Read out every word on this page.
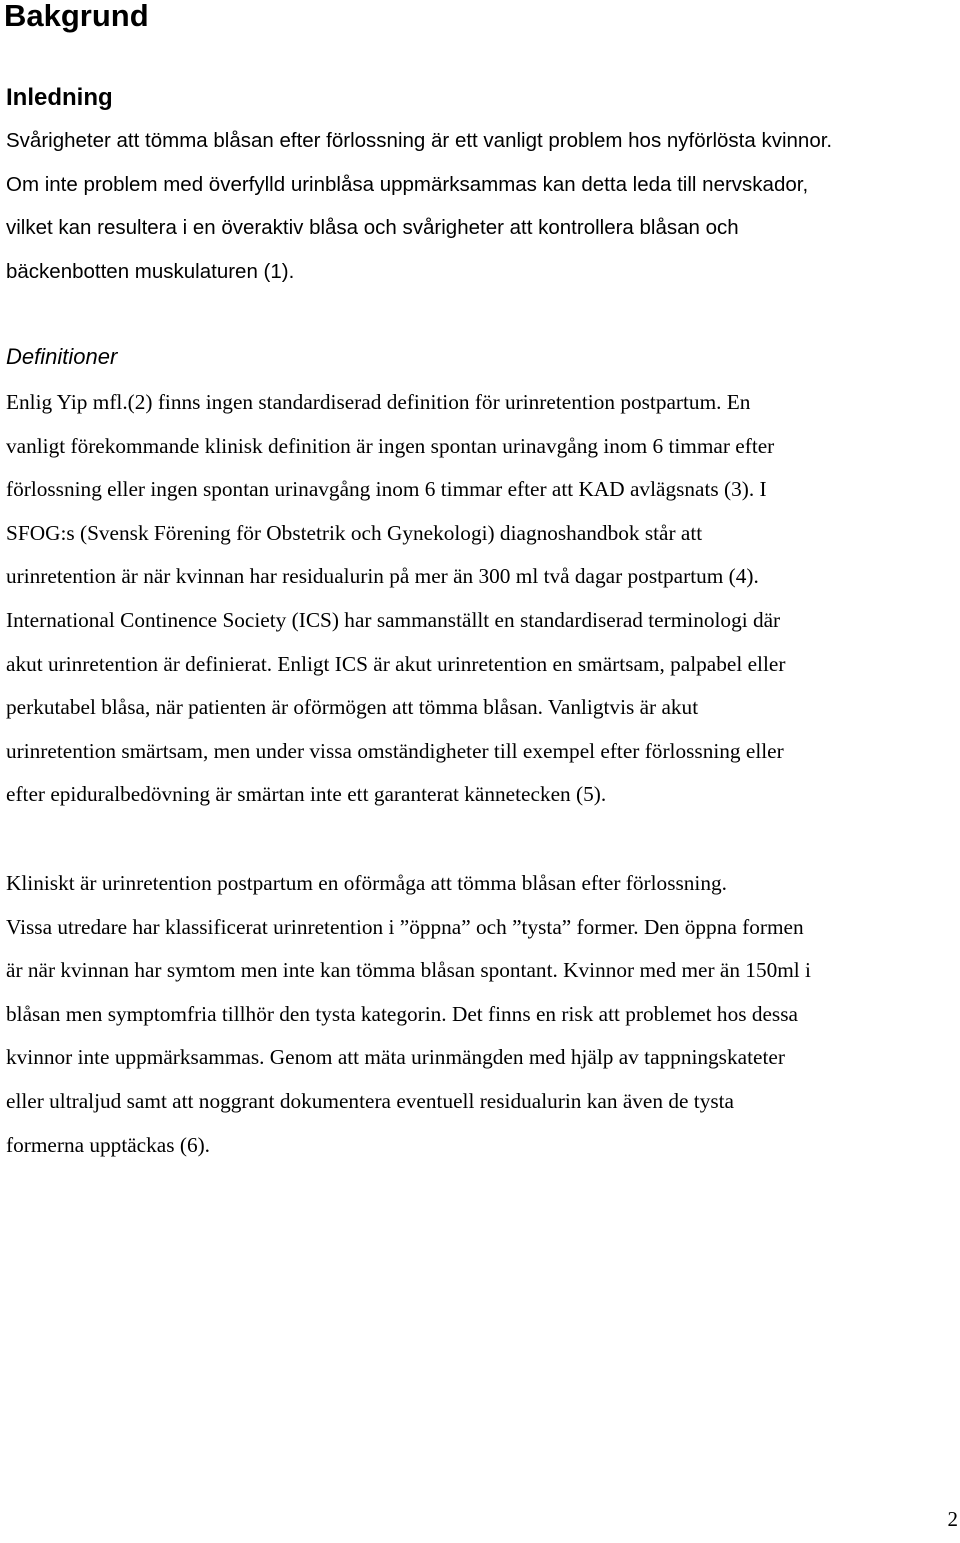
Bakgrund
Inledning
Svårigheter att tömma blåsan efter förlossning är ett vanligt problem hos nyförlösta kvinnor.
Om inte problem med överfylld urinblåsa uppmärksammas kan detta leda till nervskador,
vilket kan resultera i en överaktiv blåsa och svårigheter att kontrollera blåsan och
bäckenbotten muskulaturen (1).
Definitioner
Enlig Yip mfl.(2) finns ingen standardiserad definition för urinretention postpartum. En
vanligt förekommande klinisk definition är ingen spontan urinavgång inom 6 timmar efter
förlossning eller ingen spontan urinavgång inom 6 timmar efter att KAD avlägsnats (3). I
SFOG:s (Svensk Förening för Obstetrik och Gynekologi) diagnoshandbok står att
urinretention är när kvinnan har residualurin på mer än 300 ml två dagar postpartum (4).
International Continence Society (ICS) har sammanställt en standardiserad terminologi där
akut urinretention är definierat. Enligt ICS är akut urinretention en smärtsam, palpabel eller
perkutabel blåsa, när patienten är oförmögen att tömma blåsan. Vanligtvis är akut
urinretention smärtsam, men under vissa omständigheter till exempel efter förlossning eller
efter epiduralbedövning är smärtan inte ett garanterat kännetecken (5).
Kliniskt är urinretention postpartum en oförmåga att tömma blåsan efter förlossning.
Vissa utredare har klassificerat urinretention i ”öppna” och ”tysta” former. Den öppna formen
är när kvinnan har symtom men inte kan tömma blåsan spontant. Kvinnor med mer än 150ml i
blåsan men symptomfria tillhör den tysta kategorin. Det finns en risk att problemet hos dessa
kvinnor inte uppmärksammas. Genom att mäta urinmängden med hjälp av tappningskateter
eller ultraljud samt att noggrant dokumentera eventuell residualurin kan även de tysta
formerna upptäckas (6).
2
